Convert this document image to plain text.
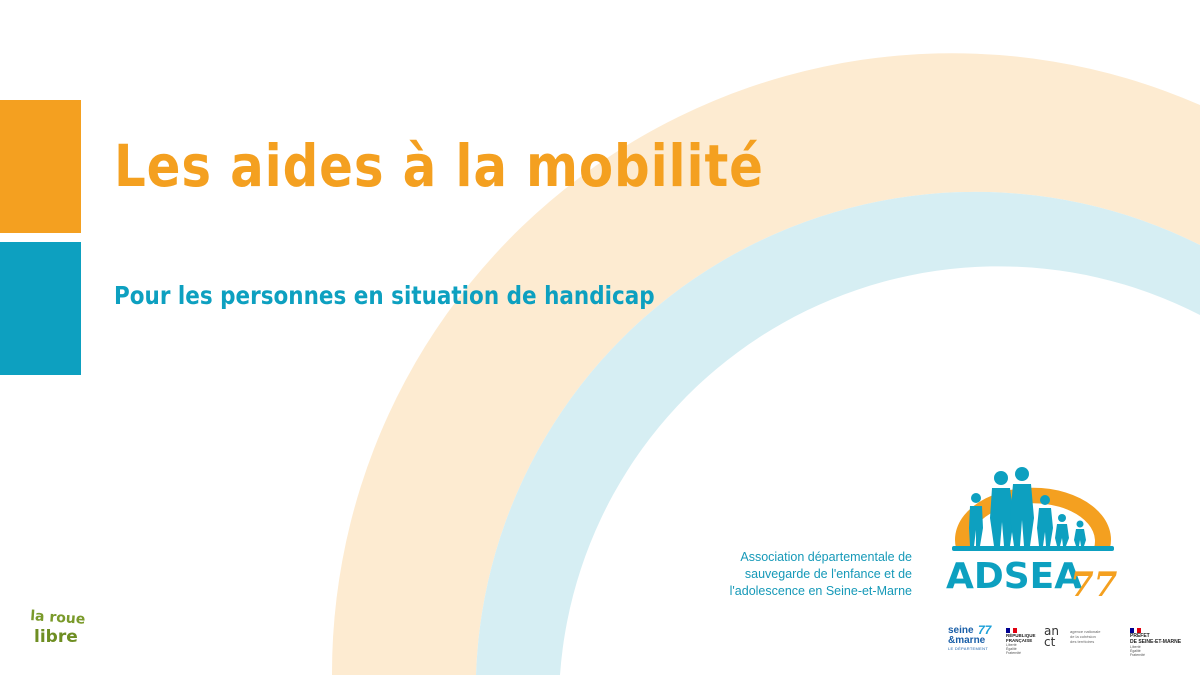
Les aides à la mobilité
Pour les personnes en situation de handicap
Association départementale de
sauvegarde de l'enfance et de
l'adolescence en Seine-et-Marne ADSEA
77
la roue
libre	seine
&marne
LE DÉPARTEMENT
77	RÉPUBLIQUE
FRANÇAISE
Liberté
Égalité
Fraternité
an
ct
agence nationale
de la cohésion
des territoires
PRÉFET
DE SEINE-ET-MARNE
Liberté
Égalité
Fraternité
